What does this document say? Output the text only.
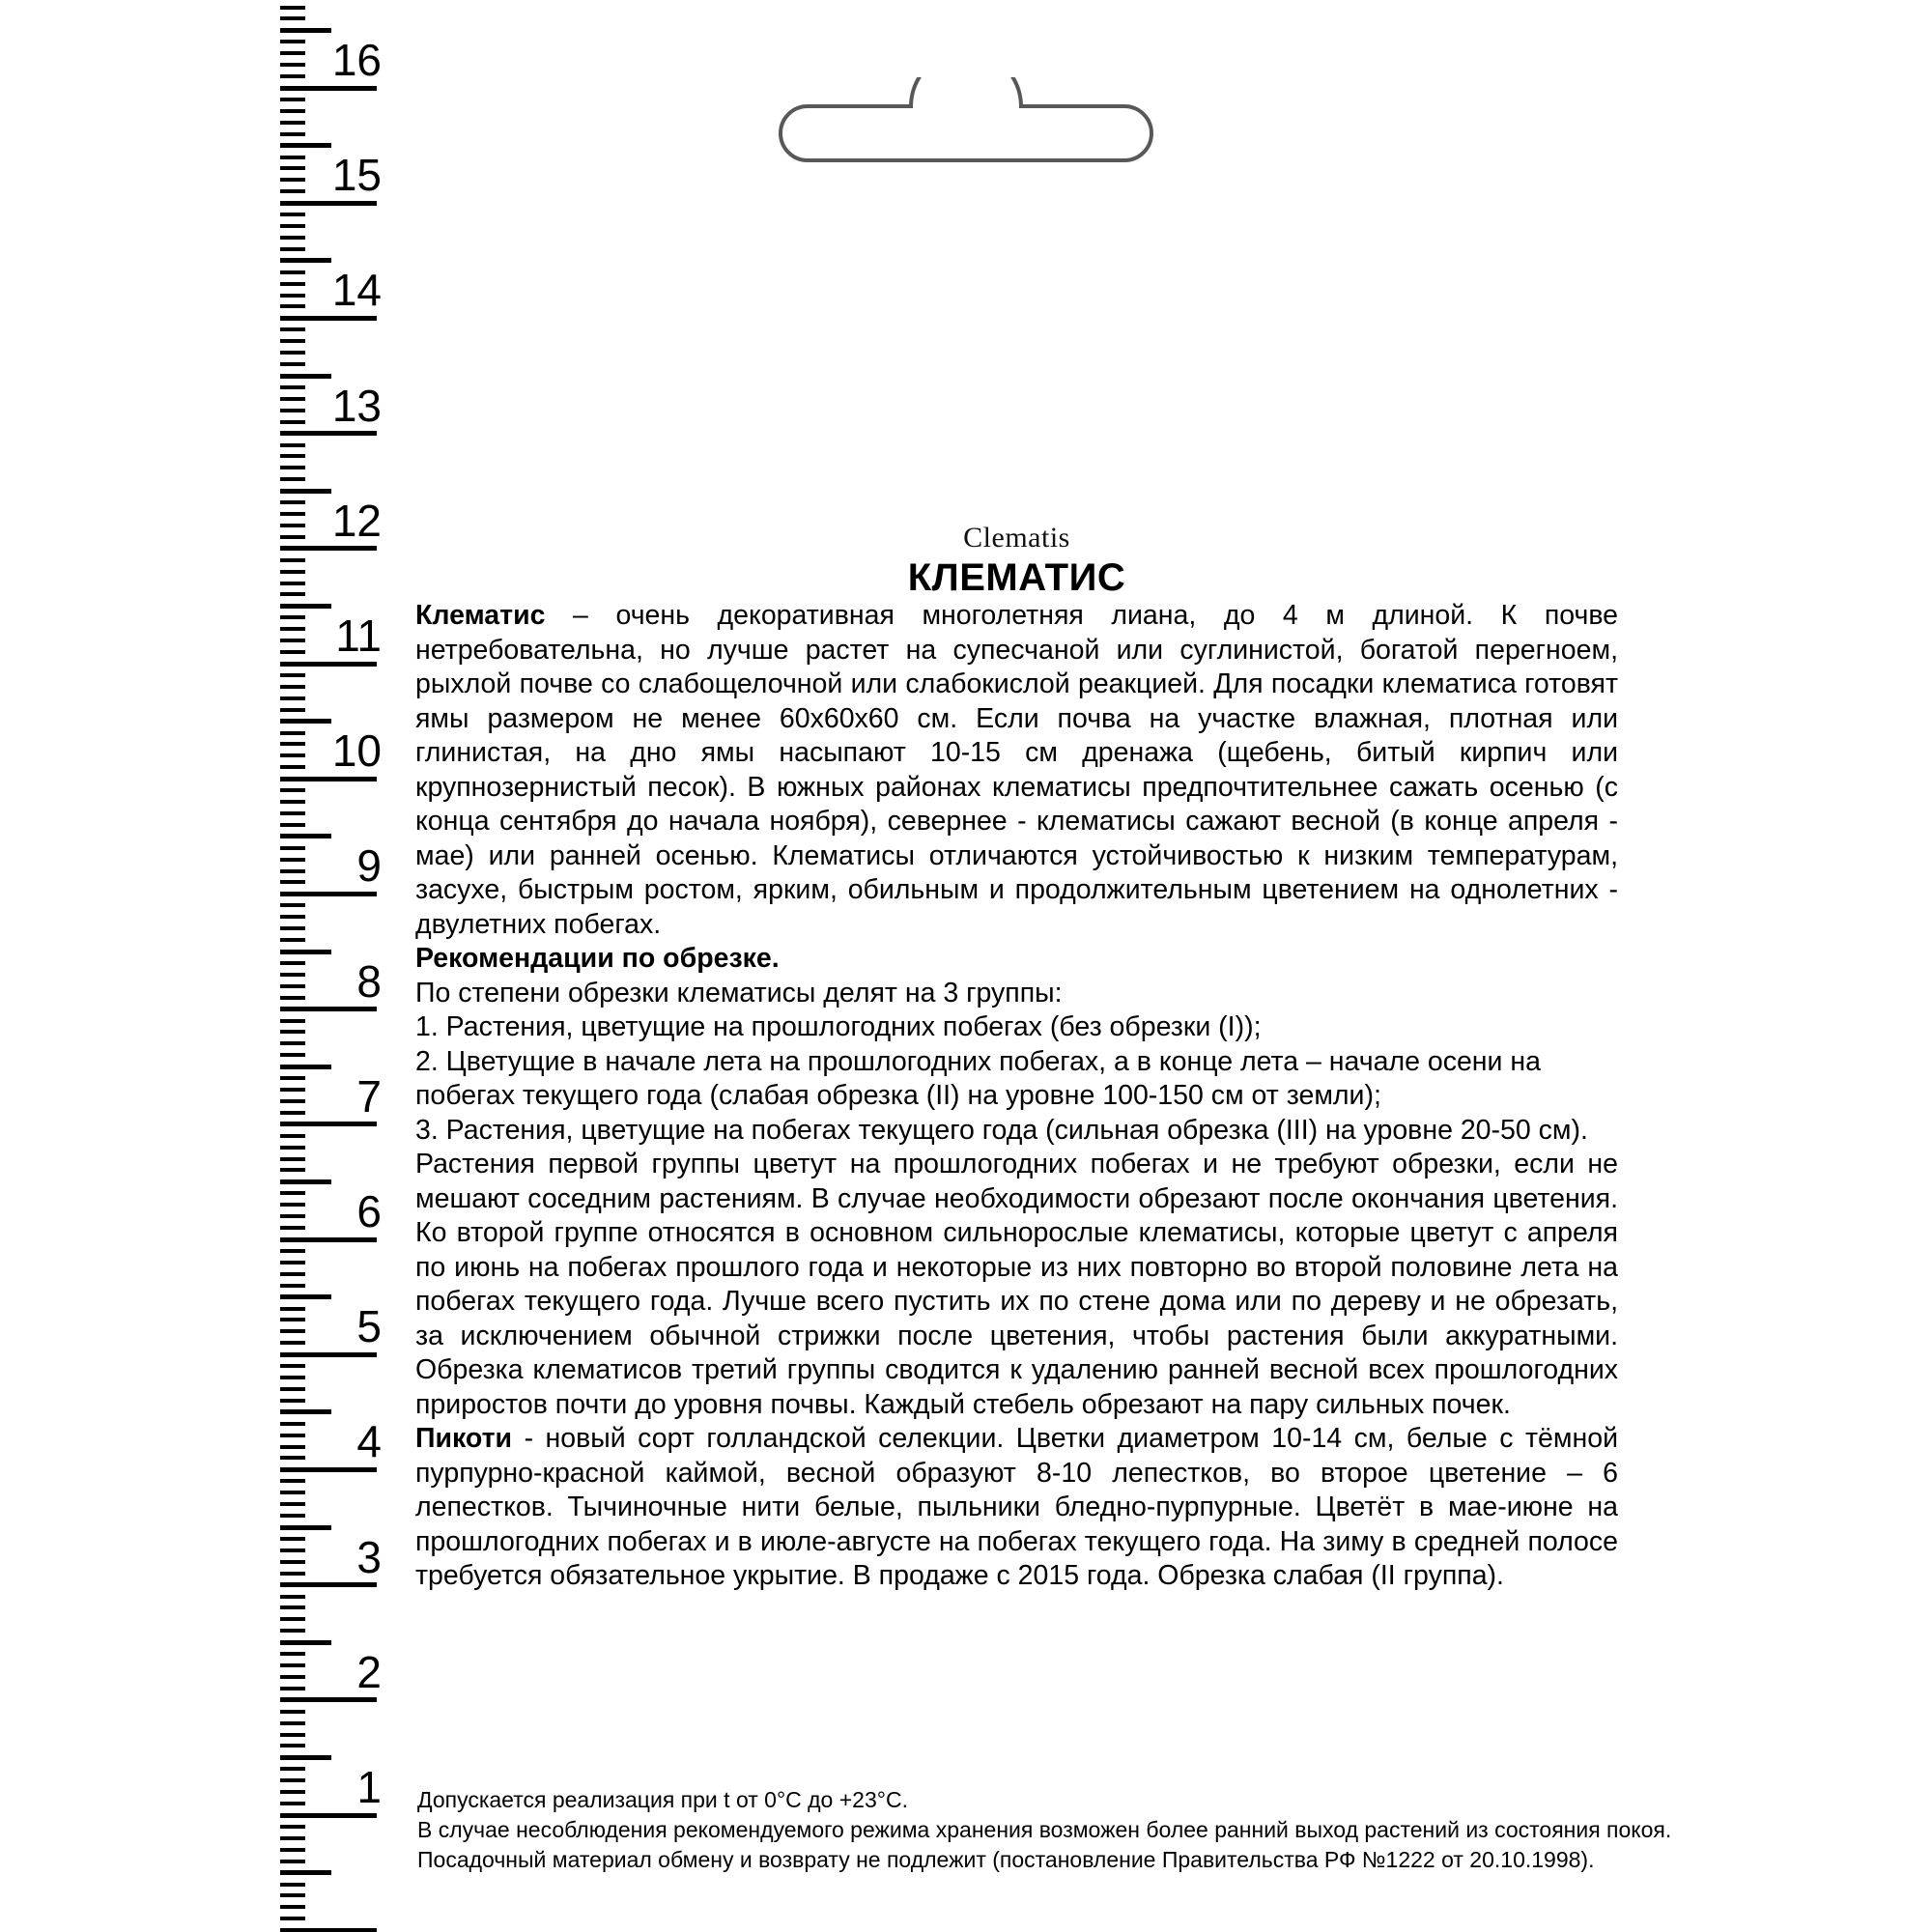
16
15
14
13
12
11
10
9
8
7
6
5
4
3
2
1
Clematis
КЛЕМАТИС

Клематис – очень декоративная многолетняя лиана, до 4 м длиной. К почве нетребовательна, но лучше растет на супесчаной или суглинистой, богатой перегноем, рыхлой почве со слабощелочной или слабокислой реакцией. Для посадки клематиса готовят ямы размером не менее 60x60x60 см. Если почва на участке влажная, плотная или глинистая, на дно ямы насыпают 10-15 см дренажа (щебень, битый кирпич или крупнозернистый песок). В южных районах клематисы предпочтительнее сажать осенью (с конца сентября до начала ноября), севернее - клематисы сажают весной (в конце апреля - мае) или ранней осенью. Клематисы отличаются устойчивостью к низким температурам, засухе, быстрым ростом, ярким, обильным и продолжительным цветением на однолетних - двулетних побегах.

Рекомендации по обрезке.

По степени обрезки клематисы делят на 3 группы:

1. Растения, цветущие на прошлогодних побегах (без обрезки (I));

2. Цветущие в начале лета на прошлогодних побегах, а в конце лета – начале осени на побегах текущего года (слабая обрезка (II) на уровне 100-150 см от земли);

3. Растения, цветущие на побегах текущего года (сильная обрезка (III) на уровне 20-50 см).

Растения первой группы цветут на прошлогодних побегах и не требуют обрезки, если не мешают соседним растениям. В случае необходимости обрезают после окончания цветения. Ко второй группе относятся в основном сильнорослые клематисы, которые цветут с апреля по июнь на побегах прошлого года и некоторые из них повторно во второй половине лета на побегах текущего года. Лучше всего пустить их по стене дома или по дереву и не обрезать, за исключением обычной стрижки после цветения, чтобы растения были аккуратными. Обрезка клематисов третий группы сводится к удалению ранней весной всех прошлогодних приростов почти до уровня почвы. Каждый стебель обрезают на пару сильных почек.

Пикоти - новый сорт голландской селекции. Цветки диаметром 10-14 см, белые с тёмной пурпурно-красной каймой, весной образуют 8-10 лепестков, во второе цветение – 6 лепестков. Тычиночные нити белые, пыльники бледно-пурпурные. Цветёт в мае-июне на прошлогодних побегах и в июле-августе на побегах текущего года. На зиму в средней полосе требуется обязательное укрытие. В продаже с 2015 года. Обрезка слабая (II группа).

Допускается реализация при t от 0°C до +23°C.
В случае несоблюдения рекомендуемого режима хранения возможен более ранний выход растений из состояния покоя.
Посадочный материал обмену и возврату не подлежит (постановление Правительства РФ №1222 от 20.10.1998).
